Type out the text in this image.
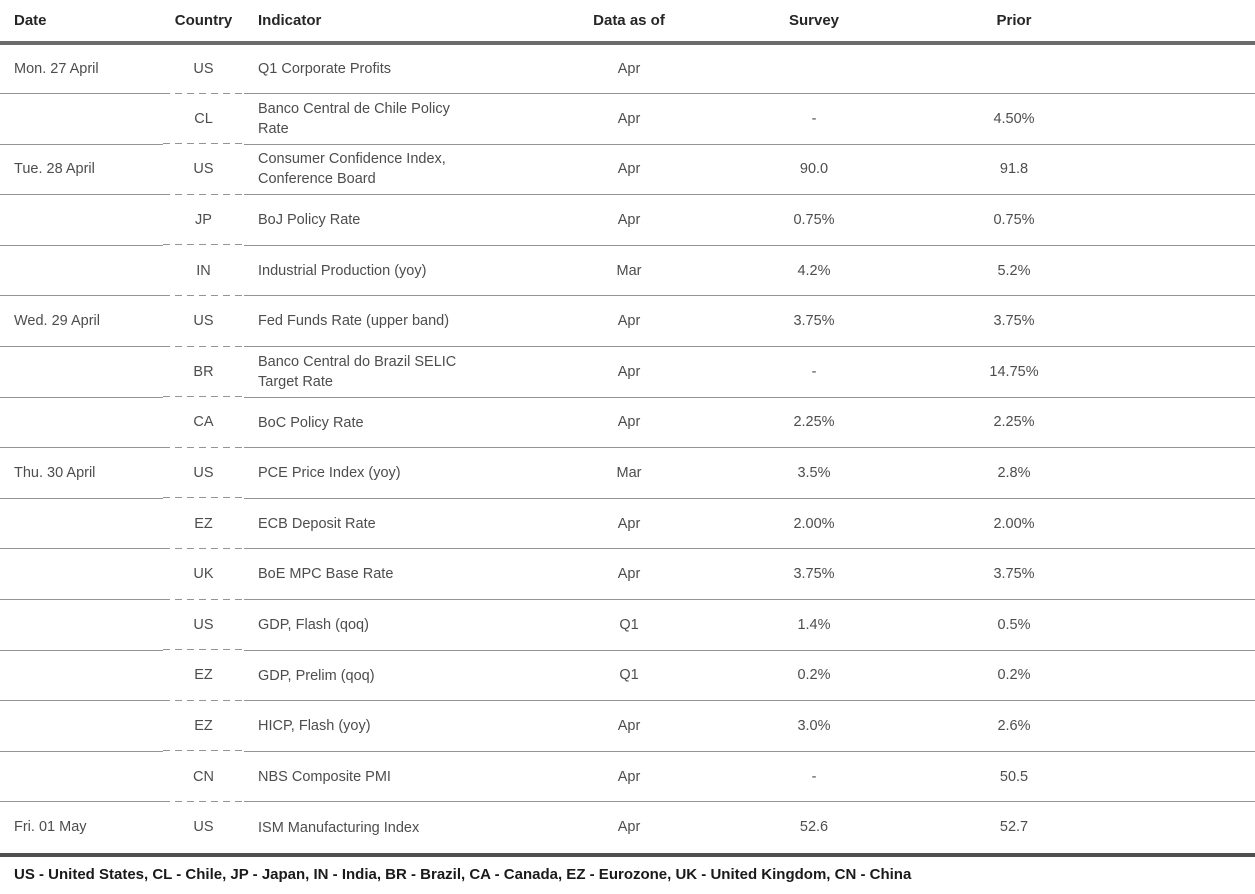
Date	Country	Indicator	Data as of	Survey	Prior	
Mon. 27 April	US	Q1 Corporate Profits	Apr			
	CL	Banco Central de Chile Policy Rate	Apr	-	4.50%	
Tue. 28 April	US	Consumer Confidence Index, Conference Board	Apr	90.0	91.8	
	JP	BoJ Policy Rate	Apr	0.75%	0.75%	
	IN	Industrial Production (yoy)	Mar	4.2%	5.2%	
Wed. 29 April	US	Fed Funds Rate (upper band)	Apr	3.75%	3.75%	
	BR	Banco Central do Brazil SELIC Target Rate	Apr	-	14.75%	
	CA	BoC Policy Rate	Apr	2.25%	2.25%	
Thu. 30 April	US	PCE Price Index (yoy)	Mar	3.5%	2.8%	
	EZ	ECB Deposit Rate	Apr	2.00%	2.00%	
	UK	BoE MPC Base Rate	Apr	3.75%	3.75%	
	US	GDP, Flash (qoq)	Q1	1.4%	0.5%	
	EZ	GDP, Prelim (qoq)	Q1	0.2%	0.2%	
	EZ	HICP, Flash (yoy)	Apr	3.0%	2.6%	
	CN	NBS Composite PMI	Apr	-	50.5	
Fri. 01 May	US	ISM Manufacturing Index	Apr	52.6	52.7	
US - United States, CL - Chile, JP - Japan, IN - India, BR - Brazil, CA - Canada, EZ - Eurozone, UK - United Kingdom, CN - China
